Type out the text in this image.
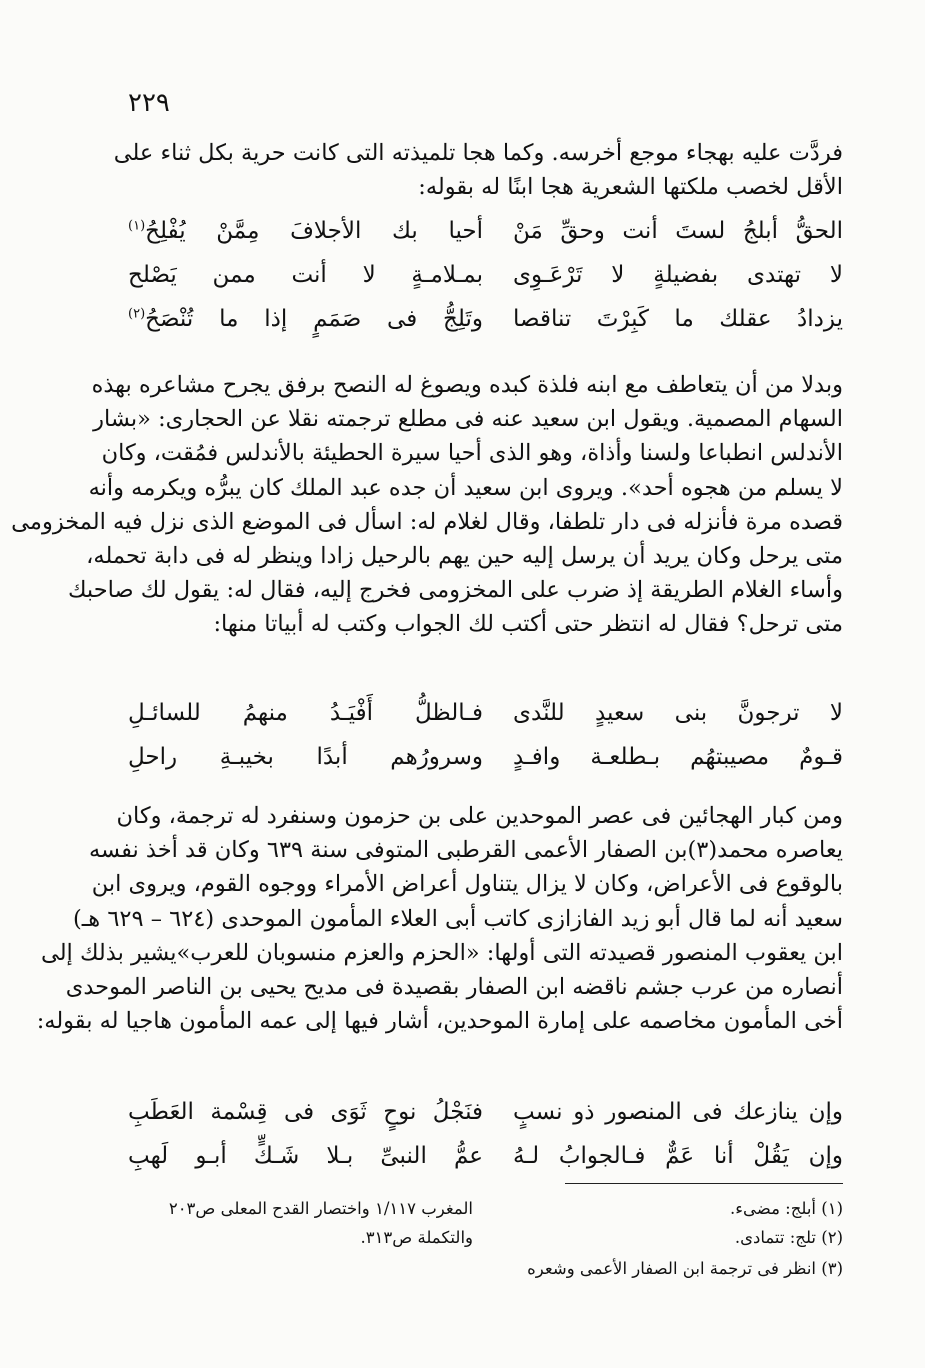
٢٢٩
فردَّت عليه بهجاء موجع أخرسه. وكما هجا تلميذته التى كانت حرية بكل ثناء على
الأقل لخصب ملكتها الشعرية هجا ابنًا له بقوله:
الحقُّ أبلجُ لستَ أنت وحقِّ مَنْ
أحيا بك الأجلافَ مِمَّنْ يُفْلِحُ$^{(١)}$
لا تهتدى بفضيلةٍ لا تَرْعَـوِى
بمـلامـةٍ لا أنت ممن يَصْلح
يزدادُ عقلك ما كَبِرْتَ تناقصا
وتَلِجُّ فى صَمَمٍ إذا ما تُنْصَحُ$^{(٢)}$
وبدلا من أن يتعاطف مع ابنه فلذة كبده ويصوغ له النصح برفق يجرح مشاعره بهذه
السهام المصمية. ويقول ابن سعيد عنه فى مطلع ترجمته نقلا عن الحجارى: «بشار
الأندلس انطباعا ولسنا وأذاة، وهو الذى أحيا سيرة الحطيئة بالأندلس فمُقت، وكان
لا يسلم من هجوه أحد». ويروى ابن سعيد أن جده عبد الملك كان يبرُّه ويكرمه وأنه
قصده مرة فأنزله فى دار تلطفا، وقال لغلام له: اسأل فى الموضع الذى نزل فيه المخزومى
متى يرحل وكان يريد أن يرسل إليه حين يهم بالرحيل زادا وينظر له فى دابة تحمله،
وأساء الغلام الطريقة إذ ضرب على المخزومى فخرج إليه، فقال له: يقول لك صاحبك
متى ترحل؟ فقال له انتظر حتى أكتب لك الجواب وكتب له أبياتا منها:
لا ترجونَّ بنى سعيدٍ للنَّدى
فـالظلُّ أَفْيَـدُ منهمُ للسائـلِ
قـومٌ مصيبتهُم بـطلعـة وافـدٍ
وسرورُهم أبدًا بخيبـةِ راحلِ
ومن كبار الهجائين فى عصر الموحدين على بن حزمون وسنفرد له ترجمة، وكان
يعاصره محمد(٣)بن الصفار الأعمى القرطبى المتوفى سنة ٦٣٩ وكان قد أخذ نفسه
بالوقوع فى الأعراض، وكان لا يزال يتناول أعراض الأمراء ووجوه القوم، ويروى ابن
سعيد أنه لما قال أبو زيد الفازازى كاتب أبى العلاء المأمون الموحدى (٦٢٤ – ٦٢٩ هـ)
ابن يعقوب المنصور قصيدته التى أولها: «الحزم والعزم منسوبان للعرب»يشير بذلك إلى
أنصاره من عرب جشم ناقضه ابن الصفار بقصيدة فى مديح يحيى بن الناصر الموحدى
أخى المأمون مخاصمه على إمارة الموحدين، أشار فيها إلى عمه المأمون هاجيا له بقوله:
وإن ينازعك فى المنصور ذو نسبٍ
فنَجْلُ نوحٍ ثَوَى فى قِسْمة العَطَبِ
وإن يَقُلْ أنا عَمٌّ فـالجوابُ لـهُ
عمُّ النبىِّ بـلا شَـكٍّ أبـو لَهبِ
(١) أبلج: مضىء.
(٢) تلج: تتمادى.
(٣) انظر فى ترجمة ابن الصفار الأعمى وشعره
المغرب ١/١١٧ واختصار القدح المعلى ص٢٠٣
والتكملة ص٣١٣.
